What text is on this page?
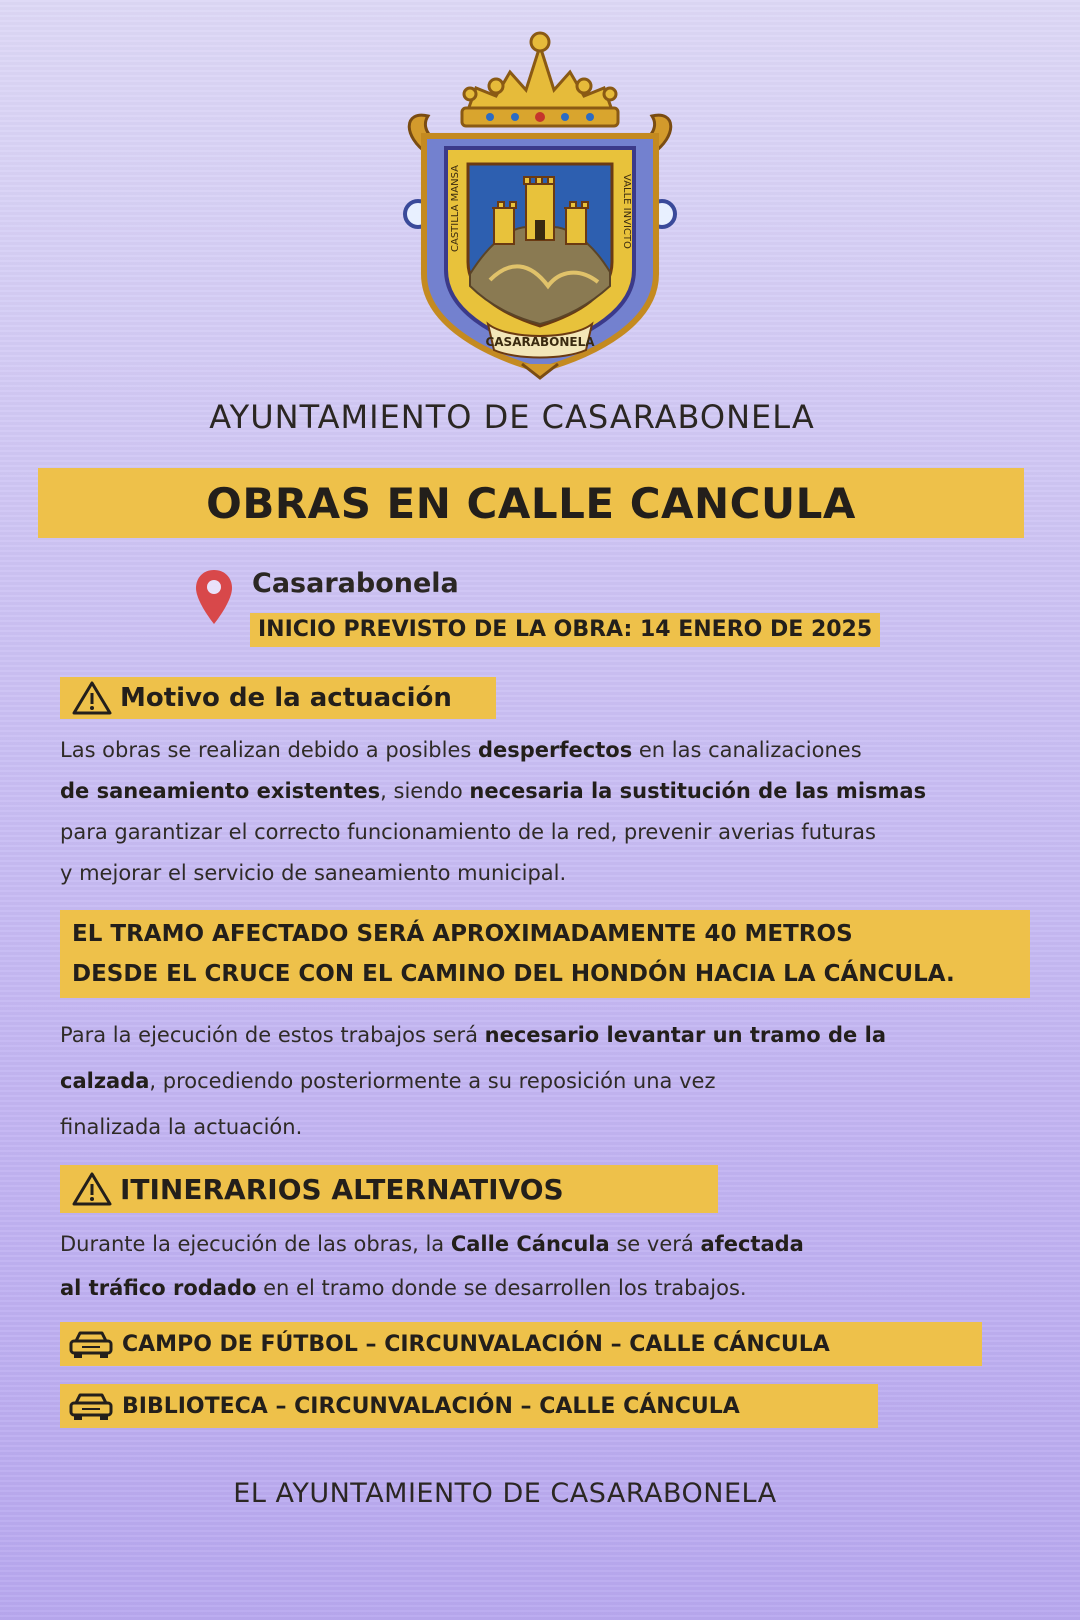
CASTILLA MANSA	VALLE INVICTO
CASARABONELA
AYUNTAMIENTO DE CASARABONELA
OBRAS EN CALLE CANCULA
Casarabonela
INICIO PREVISTO DE LA OBRA: 14 ENERO DE 2025
Motivo de la actuación
Las obras se realizan debido a posibles desperfectos en las canalizaciones
de saneamiento existentes, siendo necesaria la sustitución de las mismas
para garantizar el correcto funcionamiento de la red, prevenir averias futuras
y mejorar el servicio de saneamiento municipal.
EL TRAMO AFECTADO SERÁ APROXIMADAMENTE 40 METROS
DESDE EL CRUCE CON EL CAMINO DEL HONDÓN HACIA LA CÁNCULA.
Para la ejecución de estos trabajos será necesario levantar un tramo de la
calzada, procediendo posteriormente a su reposición una vez
finalizada la actuación.
ITINERARIOS ALTERNATIVOS
Durante la ejecución de las obras, la Calle Cáncula se verá afectada
al tráfico rodado en el tramo donde se desarrollen los trabajos.
CAMPO DE FÚTBOL – CIRCUNVALACIÓN – CALLE CÁNCULA
BIBLIOTECA – CIRCUNVALACIÓN – CALLE CÁNCULA
EL AYUNTAMIENTO DE CASARABONELA
